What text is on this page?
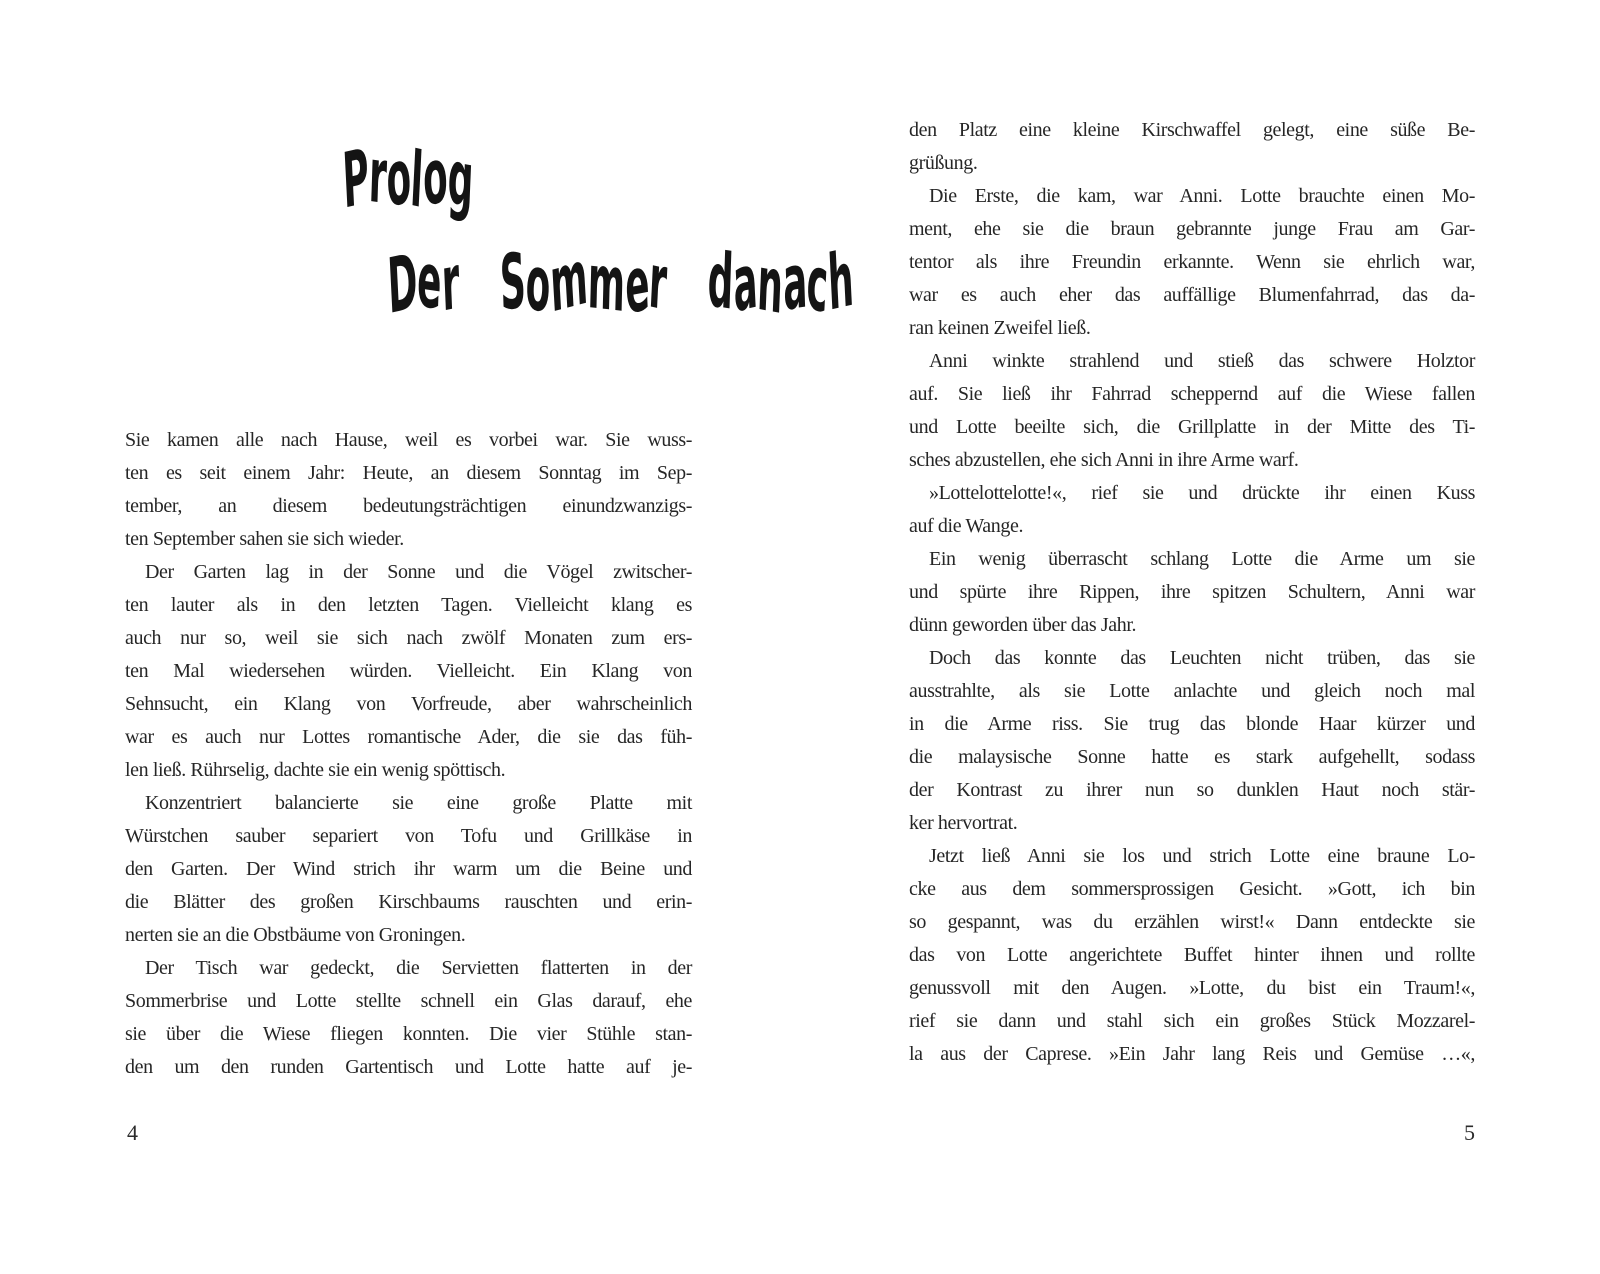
Prolog
Der Sommer danach
Sie kamen alle nach Hause, weil es vorbei war. Sie wuss-
ten es seit einem Jahr: Heute, an diesem Sonntag im Sep-
tember, an diesem bedeutungsträchtigen einundzwanzigs-
ten September sahen sie sich wieder.
Der Garten lag in der Sonne und die Vögel zwitscher-
ten lauter als in den letzten Tagen. Vielleicht klang es
auch nur so, weil sie sich nach zwölf Monaten zum ers-
ten Mal wiedersehen würden. Vielleicht. Ein Klang von
Sehnsucht, ein Klang von Vorfreude, aber wahrscheinlich
war es auch nur Lottes romantische Ader, die sie das füh-
len ließ. Rührselig, dachte sie ein wenig spöttisch.
Konzentriert balancierte sie eine große Platte mit
Würstchen sauber separiert von Tofu und Grillkäse in
den Garten. Der Wind strich ihr warm um die Beine und
die Blätter des großen Kirschbaums rauschten und erin-
nerten sie an die Obstbäume von Groningen.
Der Tisch war gedeckt, die Servietten flatterten in der
Sommerbrise und Lotte stellte schnell ein Glas darauf, ehe
sie über die Wiese fliegen konnten. Die vier Stühle stan-
den um den runden Gartentisch und Lotte hatte auf je-
4
den Platz eine kleine Kirschwaffel gelegt, eine süße Be-
grüßung.
Die Erste, die kam, war Anni. Lotte brauchte einen Mo-
ment, ehe sie die braun gebrannte junge Frau am Gar-
tentor als ihre Freundin erkannte. Wenn sie ehrlich war,
war es auch eher das auffällige Blumenfahrrad, das da-
ran keinen Zweifel ließ.
Anni winkte strahlend und stieß das schwere Holztor
auf. Sie ließ ihr Fahrrad scheppernd auf die Wiese fallen
und Lotte beeilte sich, die Grillplatte in der Mitte des Ti-
sches abzustellen, ehe sich Anni in ihre Arme warf.
»Lottelottelotte!«, rief sie und drückte ihr einen Kuss
auf die Wange.
Ein wenig überrascht schlang Lotte die Arme um sie
und spürte ihre Rippen, ihre spitzen Schultern, Anni war
dünn geworden über das Jahr.
Doch das konnte das Leuchten nicht trüben, das sie
ausstrahlte, als sie Lotte anlachte und gleich noch mal
in die Arme riss. Sie trug das blonde Haar kürzer und
die malaysische Sonne hatte es stark aufgehellt, sodass
der Kontrast zu ihrer nun so dunklen Haut noch stär-
ker hervortrat.
Jetzt ließ Anni sie los und strich Lotte eine braune Lo-
cke aus dem sommersprossigen Gesicht. »Gott, ich bin
so gespannt, was du erzählen wirst!« Dann entdeckte sie
das von Lotte angerichtete Buffet hinter ihnen und rollte
genussvoll mit den Augen. »Lotte, du bist ein Traum!«,
rief sie dann und stahl sich ein großes Stück Mozzarel-
la aus der Caprese. »Ein Jahr lang Reis und Gemüse …«,
5
